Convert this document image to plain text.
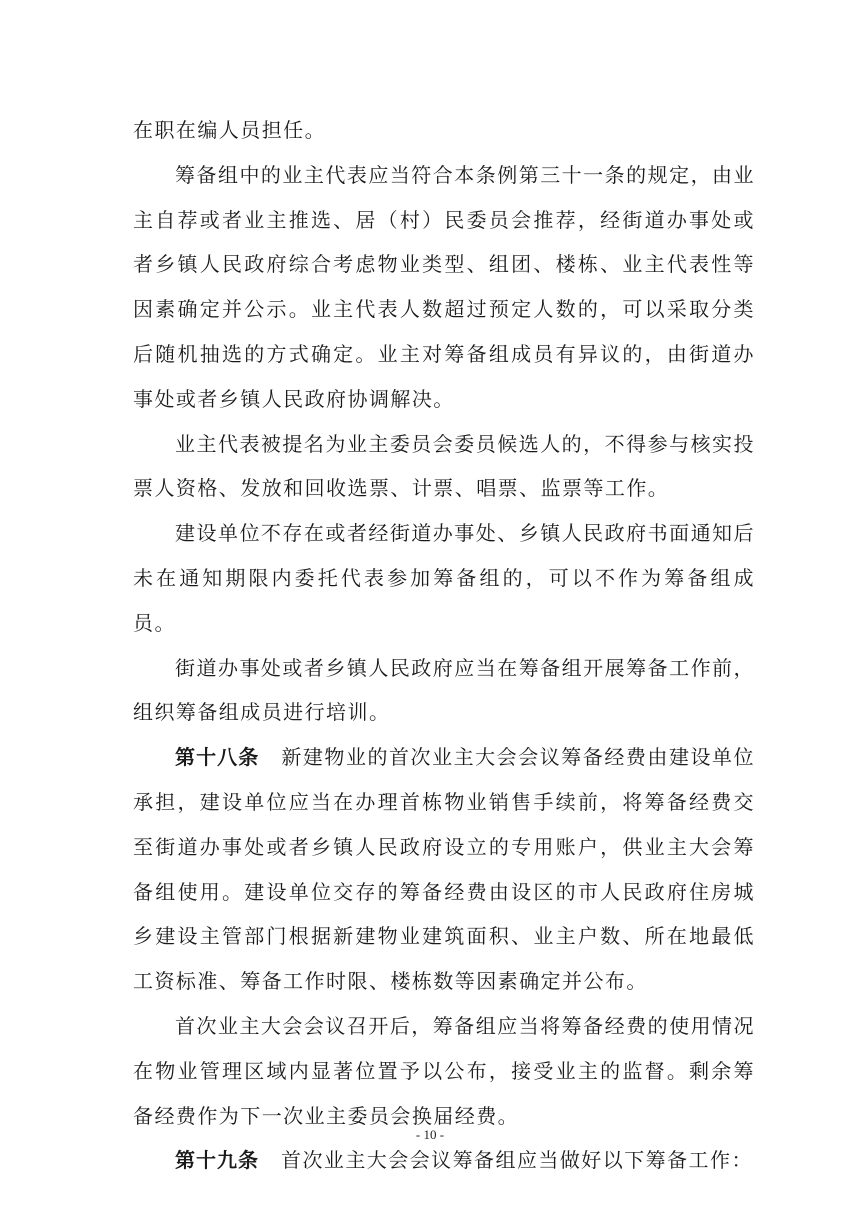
在职在编人员担任。

筹备组中的业主代表应当符合本条例第三十一条的规定，由业主自荐或者业主推选、居（村）民委员会推荐，经街道办事处或者乡镇人民政府综合考虑物业类型、组团、楼栋、业主代表性等因素确定并公示。业主代表人数超过预定人数的，可以采取分类后随机抽选的方式确定。业主对筹备组成员有异议的，由街道办事处或者乡镇人民政府协调解决。

业主代表被提名为业主委员会委员候选人的，不得参与核实投票人资格、发放和回收选票、计票、唱票、监票等工作。

建设单位不存在或者经街道办事处、乡镇人民政府书面通知后未在通知期限内委托代表参加筹备组的，可以不作为筹备组成员。

街道办事处或者乡镇人民政府应当在筹备组开展筹备工作前，组织筹备组成员进行培训。

第十八条 新建物业的首次业主大会会议筹备经费由建设单位承担，建设单位应当在办理首栋物业销售手续前，将筹备经费交至街道办事处或者乡镇人民政府设立的专用账户，供业主大会筹备组使用。建设单位交存的筹备经费由设区的市人民政府住房城乡建设主管部门根据新建物业建筑面积、业主户数、所在地最低工资标准、筹备工作时限、楼栋数等因素确定并公布。

首次业主大会会议召开后，筹备组应当将筹备经费的使用情况在物业管理区域内显著位置予以公布，接受业主的监督。剩余筹备经费作为下一次业主委员会换届经费。

第十九条 首次业主大会会议筹备组应当做好以下筹备工作：

- 10 -
